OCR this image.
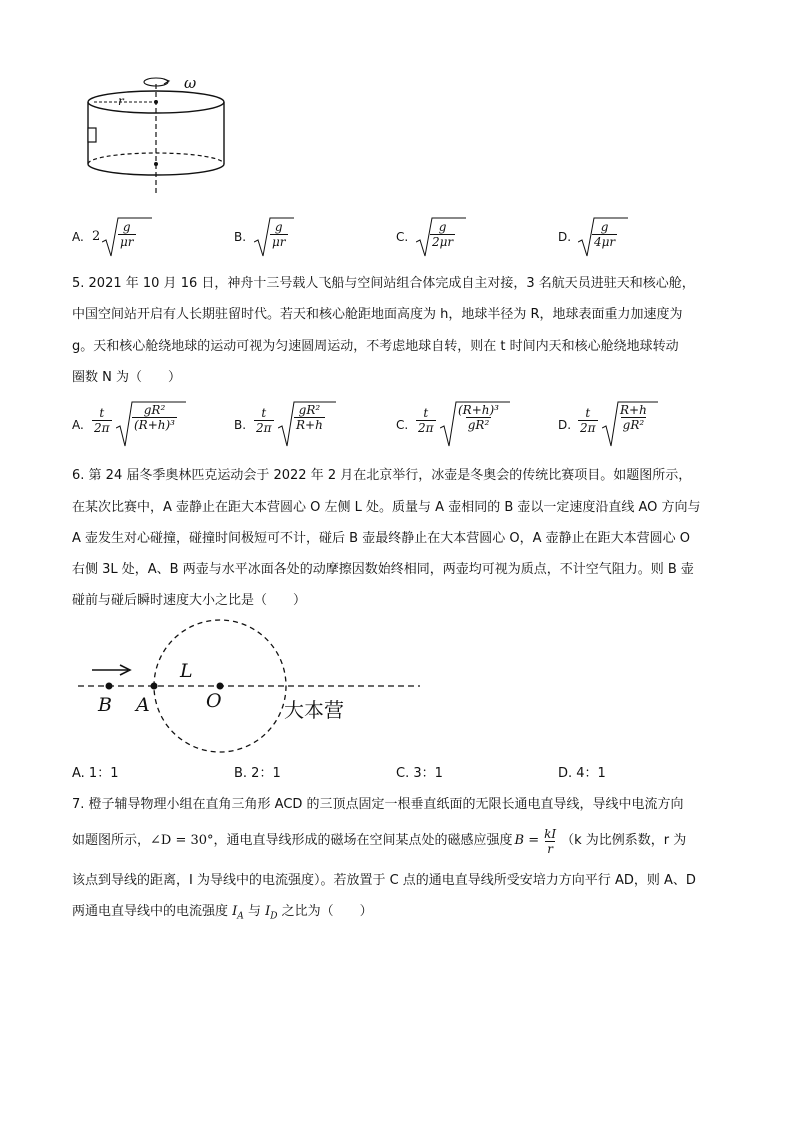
ω
r
A. $2 \frac{g}{\mu r}$	B. $\frac{g}{\mu r}$	C. $\frac{g}{2\mu r}$	D. $\frac{g}{4\mu r}$
5. 2021 年 10 月 16 日，神舟十三号载人飞船与空间站组合体完成自主对接，3 名航天员进驻天和核心舱，
中国空间站开启有人长期驻留时代。若天和核心舱距地面高度为 h，地球半径为 R，地球表面重力加速度为
g。天和核心舱绕地球的运动可视为匀速圆周运动，不考虑地球自转，则在 t 时间内天和核心舱绕地球转动
圈数 N 为（　　）
A. $\frac{t}{2\pi} \frac{\text{gR²}}{\text{(R+h)³}}$	B. $\frac{t}{2\pi} \frac{\text{gR²}}{R+h}$	C. $\frac{t}{2\pi} \frac{\text{(R+h)³}}{\text{gR²}}$	D. $\frac{t}{2\pi} \frac{R+h}{\text{gR²}}$
6. 第 24 届冬季奥林匹克运动会于 2022 年 2 月在北京举行，冰壶是冬奥会的传统比赛项目。如题图所示，
在某次比赛中，A 壶静止在距大本营圆心 O 左侧 L 处。质量与 A 壶相同的 B 壶以一定速度沿直线 AO 方向与
A 壶发生对心碰撞，碰撞时间极短可不计，碰后 B 壶最终静止在大本营圆心 O，A 壶静止在距大本营圆心 O
右侧 3L 处，A、B 两壶与水平冰面各处的动摩擦因数始终相同，两壶均可视为质点，不计空气阻力。则 B 壶
碰前与碰后瞬时速度大小之比是（　　）
B A
L
O	大本营
A. 1：1	B. 2：1	C. 3：1	D. 4：1
7. 橙子辅导物理小组在直角三角形 ACD 的三顶点固定一根垂直纸面的无限长通电直导线，导线中电流方向
如题图所示， ∠D = 30° ，通电直导线形成的磁场在空间某点处的磁感应强度 $B = \frac{kI}{r} (k$ 为比例系数，r 为
该点到导线的距离，I 为导线中的电流强度）。若放置于 C 点的通电直导线所受安培力方向平行 AD，则 A、D
两通电直导线中的电流强度 $I_A$ 与 $I_D$ 之比为（　　）
